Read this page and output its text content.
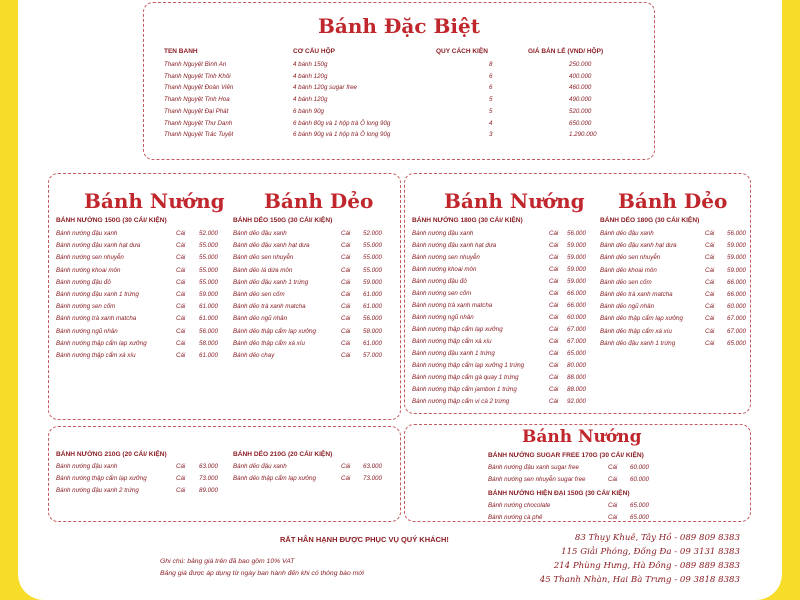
Bánh Đặc Biệt
TEN BANH	CƠ CẤU HỘP	QUY CÁCH KIỆN	GIÁ BÁN LẺ (VND/ HỘP)
Thanh Nguyệt Bình An	4 bánh 150g	8	250.000
Thanh Nguyệt Tinh Khôi	4 bánh 120g	6	400.000
Thanh Nguyệt Đoàn Viên	4 bánh 120g sugar free	6	460.000
Thanh Nguyệt Tinh Hoa	4 bánh 120g	5	490.000
Thanh Nguyệt Đại Phát	6 bánh 90g	5	520.000
Thanh Nguyệt Thư Danh	6 bánh 80g và 1 hộp trà Ô long 90g	4	650.000
Thanh Nguyệt Trác Tuyệt	6 bánh 90g và 1 hộp trà Ô long 90g	3	1.290.000
Bánh Nướng Bánh Dẻo
BÁNH NƯỚNG 150G (30 CÁI/ KIỆN)	BÁNH DẺO 150G (30 CÁI/ KIỆN)
Bánh nướng đậu xanh	Cái 52.000
Bánh nướng đậu xanh hạt dưa	Cái 55.000
Bánh nướng sen nhuyễn	Cái 55.000
Bánh nướng khoai môn	Cái 55.000
Bánh nướng đậu đỏ	Cái 55.000
Bánh nướng đậu xanh 1 trứng	Cái 59.000
Bánh nướng sen cốm	Cái 61.000
Bánh nướng trà xanh matcha	Cái 61.000
Bánh nướng ngũ nhân	Cái 56.000
Bánh nướng thập cẩm lạp xưởng	Cái 58.000
Bánh nướng thập cẩm xá xíu	Cái 61.000
Bánh dẻo đậu xanh	Cái 52.000
Bánh dẻo đậu xanh hạt dưa	Cái 55.000
Bánh dẻo sen nhuyễn	Cái 55.000
Bánh dẻo lá dứa môn	Cái 55.000
Bánh dẻo đậu xanh 1 trứng	Cái 59.000
Bánh dẻo sen cốm	Cái 61.000
Bánh dẻo trà xanh matcha	Cái 61.000
Bánh dẻo ngũ nhân	Cái 56.000
Bánh dẻo thập cẩm lạp xưởng	Cái 58.000
Bánh dẻo thập cẩm xá xíu	Cái 61.000
Bánh dẻo chay	Cái 57.000
BÁNH NƯỚNG 210G (20 CÁI/ KIỆN)	BÁNH DẺO 210G (20 CÁI/ KIỆN)
Bánh nướng đậu xanh	Cái 63.000
Bánh nướng thập cẩm lạp xưởng	Cái 73.000
Bánh nướng đậu xanh 2 trứng	Cái 89.000
Bánh dẻo đậu xanh	Cái 63.000
Bánh dẻo thập cẩm lạp xưởng	Cái 73.000
Bánh Nướng Bánh Dẻo
BÁNH NƯỚNG 180G (30 CÁI/ KIỆN)	BÁNH DẺO 180G (30 CÁI/ KIỆN)
Bánh nướng đậu xanh	Cái 56.000
Bánh nướng đậu xanh hạt dưa	Cái 59.000
Bánh nướng sen nhuyễn	Cái 59.000
Bánh nướng khoai môn	Cái 59.000
Bánh nướng đậu đỏ	Cái 59.000
Bánh nướng sen cốm	Cái 66.000
Bánh nướng trà xanh matcha	Cái 66.000
Bánh nướng ngũ nhân	Cái 60.000
Bánh nướng thập cẩm lạp xưởng	Cái 67.000
Bánh nướng thập cẩm xá xíu	Cái 67.000
Bánh nướng đậu xanh 1 trứng	Cái 65.000
Bánh nướng thập cẩm lạp xưởng 1 trứng	Cái 80.000
Bánh nướng thập cẩm gà quay 1 trứng	Cái 88.000
Bánh nướng thập cẩm jambon 1 trứng	Cái 88.000
Bánh nướng thập cẩm vi cá 2 trứng	Cái 92.000
Bánh dẻo đậu xanh	Cái 56.000
Bánh dẻo đậu xanh hạt dưa	Cái 59.000
Bánh dẻo sen nhuyễn	Cái 59.000
Bánh dẻo khoai môn	Cái 59.000
Bánh dẻo sen cốm	Cái 66.000
Bánh dẻo trà xanh matcha	Cái 66.000
Bánh dẻo ngũ nhân	Cái 60.000
Bánh dẻo thập cẩm lạp xưởng	Cái 67.000
Bánh dẻo thập cẩm xá xíu	Cái 67.000
Bánh dẻo đậu xanh 1 trứng	Cái 65.000
Bánh Nướng
BÁNH NƯỚNG SUGAR FREE 170G (30 CÁI/ KIỆN)
Bánh nướng đậu xanh sugar free	Cái 60.000
Bánh nướng sen nhuyễn sugar free	Cái 60.000
BÁNH NƯỚNG HIỆN ĐẠI 150G (30 CÁI/ KIỆN)
Bánh nướng chocolate	Cái 65.000
Bánh nướng cà phê	Cái 65.000
RẤT HÂN HẠNH ĐƯỢC PHỤC VỤ QUÝ KHÁCH!
Ghi chú: bảng giá trên đã bao gồm 10% VAT
Bảng giá được áp dụng từ ngày ban hành đến khi có thông báo mới
83 Thụy Khuê, Tây Hồ - 089 809 8383
115 Giải Phóng, Đống Đa - 09 3131 8383
214 Phùng Hưng, Hà Đông - 089 889 8383
45 Thanh Nhàn, Hai Bà Trưng - 09 3818 8383
